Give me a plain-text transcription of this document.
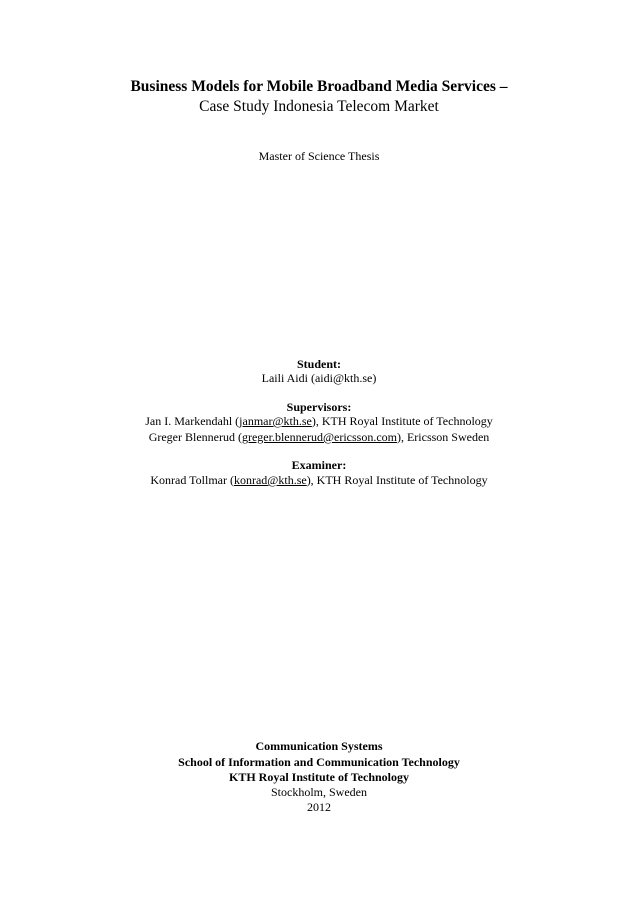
Business Models for Mobile Broadband Media Services –
Case Study Indonesia Telecom Market
Master of Science Thesis
Student:
Laili Aidi (aidi@kth.se)
Supervisors:
Jan I. Markendahl (janmar@kth.se), KTH Royal Institute of Technology
Greger Blennerud (greger.blennerud@ericsson.com), Ericsson Sweden
Examiner:
Konrad Tollmar (konrad@kth.se), KTH Royal Institute of Technology
Communication Systems
School of Information and Communication Technology
KTH Royal Institute of Technology
Stockholm, Sweden
2012
